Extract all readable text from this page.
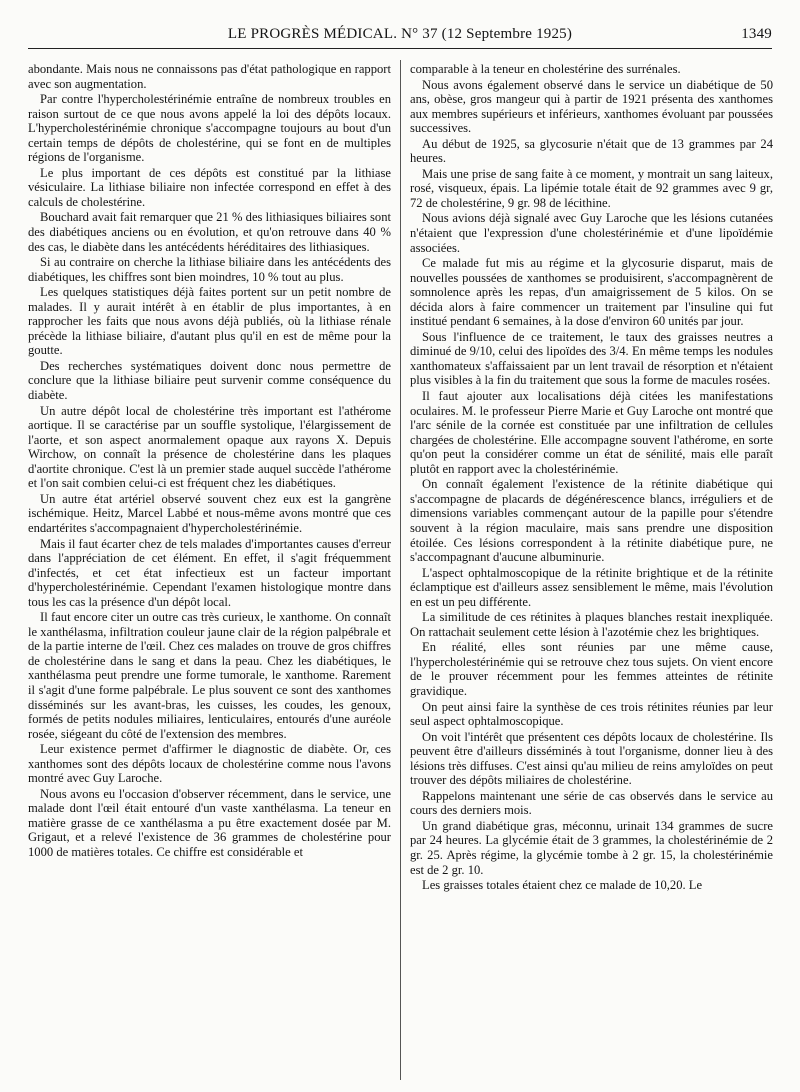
LE PROGRÈS MÉDICAL. N° 37 (12 Septembre 1925)	1349

abondante. Mais nous ne connaissons pas d'état pathologique en rapport avec son augmentation.

Par contre l'hypercholestérinémie entraîne de nombreux troubles en raison surtout de ce que nous avons appelé la loi des dépôts locaux. L'hypercholestérinémie chronique s'accompagne toujours au bout d'un certain temps de dépôts de cholestérine, qui se font en de multiples régions de l'organisme.

Le plus important de ces dépôts est constitué par la lithiase vésiculaire. La lithiase biliaire non infectée correspond en effet à des calculs de cholestérine.

Bouchard avait fait remarquer que 21 % des lithiasiques biliaires sont des diabétiques anciens ou en évolution, et qu'on retrouve dans 40 % des cas, le diabète dans les antécédents héréditaires des lithiasiques.

Si au contraire on cherche la lithiase biliaire dans les antécédents des diabétiques, les chiffres sont bien moindres, 10 % tout au plus.

Les quelques statistiques déjà faites portent sur un petit nombre de malades. Il y aurait intérêt à en établir de plus importantes, à en rapprocher les faits que nous avons déjà publiés, où la lithiase rénale précède la lithiase biliaire, d'autant plus qu'il en est de même pour la goutte.

Des recherches systématiques doivent donc nous permettre de conclure que la lithiase biliaire peut survenir comme conséquence du diabète.

Un autre dépôt local de cholestérine très important est l'athérome aortique. Il se caractérise par un souffle systolique, l'élargissement de l'aorte, et son aspect anormalement opaque aux rayons X. Depuis Wirchow, on connaît la présence de cholestérine dans les plaques d'aortite chronique. C'est là un premier stade auquel succède l'athérome et l'on sait combien celui-ci est fréquent chez les diabétiques.

Un autre état artériel observé souvent chez eux est la gangrène ischémique. Heitz, Marcel Labbé et nous-même avons montré que ces endartérites s'accompagnaient d'hypercholestérinémie.

Mais il faut écarter chez de tels malades d'importantes causes d'erreur dans l'appréciation de cet élément. En effet, il s'agit fréquemment d'infectés, et cet état infectieux est un facteur important d'hypercholestérinémie. Cependant l'examen histologique montre dans tous les cas la présence d'un dépôt local.

Il faut encore citer un outre cas très curieux, le xanthome. On connaît le xanthélasma, infiltration couleur jaune clair de la région palpébrale et de la partie interne de l'œil. Chez ces malades on trouve de gros chiffres de cholestérine dans le sang et dans la peau. Chez les diabétiques, le xanthélasma peut prendre une forme tumorale, le xanthome. Rarement il s'agit d'une forme palpébrale. Le plus souvent ce sont des xanthomes disséminés sur les avant-bras, les cuisses, les coudes, les genoux, formés de petits nodules miliaires, lenticulaires, entourés d'une auréole rosée, siégeant du côté de l'extension des membres.

Leur existence permet d'affirmer le diagnostic de diabète. Or, ces xanthomes sont des dépôts locaux de cholestérine comme nous l'avons montré avec Guy Laroche.

Nous avons eu l'occasion d'observer récemment, dans le service, une malade dont l'œil était entouré d'un vaste xanthélasma. La teneur en matière grasse de ce xanthélasma a pu être exactement dosée par M. Grigaut, et a relevé l'existence de 36 grammes de cholestérine pour 1000 de matières totales. Ce chiffre est considérable et

comparable à la teneur en cholestérine des surrénales.

Nous avons également observé dans le service un diabétique de 50 ans, obèse, gros mangeur qui à partir de 1921 présenta des xanthomes aux membres supérieurs et inférieurs, xanthomes évoluant par poussées successives.

Au début de 1925, sa glycosurie n'était que de 13 grammes par 24 heures.

Mais une prise de sang faite à ce moment, y montrait un sang laiteux, rosé, visqueux, épais. La lipémie totale était de 92 grammes avec 9 gr, 72 de cholestérine, 9 gr. 98 de lécithine.

Nous avions déjà signalé avec Guy Laroche que les lésions cutanées n'étaient que l'expression d'une cholestérinémie et d'une lipoïdémie associées.

Ce malade fut mis au régime et la glycosurie disparut, mais de nouvelles poussées de xanthomes se produisirent, s'accompagnèrent de somnolence après les repas, d'un amaigrissement de 5 kilos. On se décida alors à faire commencer un traitement par l'insuline qui fut institué pendant 6 semaines, à la dose d'environ 60 unités par jour.

Sous l'influence de ce traitement, le taux des graisses neutres a diminué de 9/10, celui des lipoïdes des 3/4. En même temps les nodules xanthomateux s'affaissaient par un lent travail de résorption et n'étaient plus visibles à la fin du traitement que sous la forme de macules rosées.

Il faut ajouter aux localisations déjà citées les manifestations oculaires. M. le professeur Pierre Marie et Guy Laroche ont montré que l'arc sénile de la cornée est constituée par une infiltration de cellules chargées de cholestérine. Elle accompagne souvent l'athérome, en sorte qu'on peut la considérer comme un état de sénilité, mais elle paraît plutôt en rapport avec la cholestérinémie.

On connaît également l'existence de la rétinite diabétique qui s'accompagne de placards de dégénérescence blancs, irréguliers et de dimensions variables commençant autour de la papille pour s'étendre souvent à la région maculaire, mais sans prendre une disposition étoilée. Ces lésions correspondent à la rétinite diabétique pure, ne s'accompagnant d'aucune albuminurie.

L'aspect ophtalmoscopique de la rétinite brightique et de la rétinite éclamptique est d'ailleurs assez sensiblement le même, mais l'évolution en est un peu différente.

La similitude de ces rétinites à plaques blanches restait inexpliquée. On rattachait seulement cette lésion à l'azotémie chez les brightiques.

En réalité, elles sont réunies par une même cause, l'hypercholestérinémie qui se retrouve chez tous sujets. On vient encore de le prouver récemment pour les femmes atteintes de rétinite gravidique.

On peut ainsi faire la synthèse de ces trois rétinites réunies par leur seul aspect ophtalmoscopique.

On voit l'intérêt que présentent ces dépôts locaux de cholestérine. Ils peuvent être d'ailleurs disséminés à tout l'organisme, donner lieu à des lésions très diffuses. C'est ainsi qu'au milieu de reins amyloïdes on peut trouver des dépôts miliaires de cholestérine.

Rappelons maintenant une série de cas observés dans le service au cours des derniers mois.

Un grand diabétique gras, méconnu, urinait 134 grammes de sucre par 24 heures. La glycémie était de 3 grammes, la cholestérinémie de 2 gr. 25. Après régime, la glycémie tombe à 2 gr. 15, la cholestérinémie est de 2 gr. 10.

Les graisses totales étaient chez ce malade de 10,20. Le
